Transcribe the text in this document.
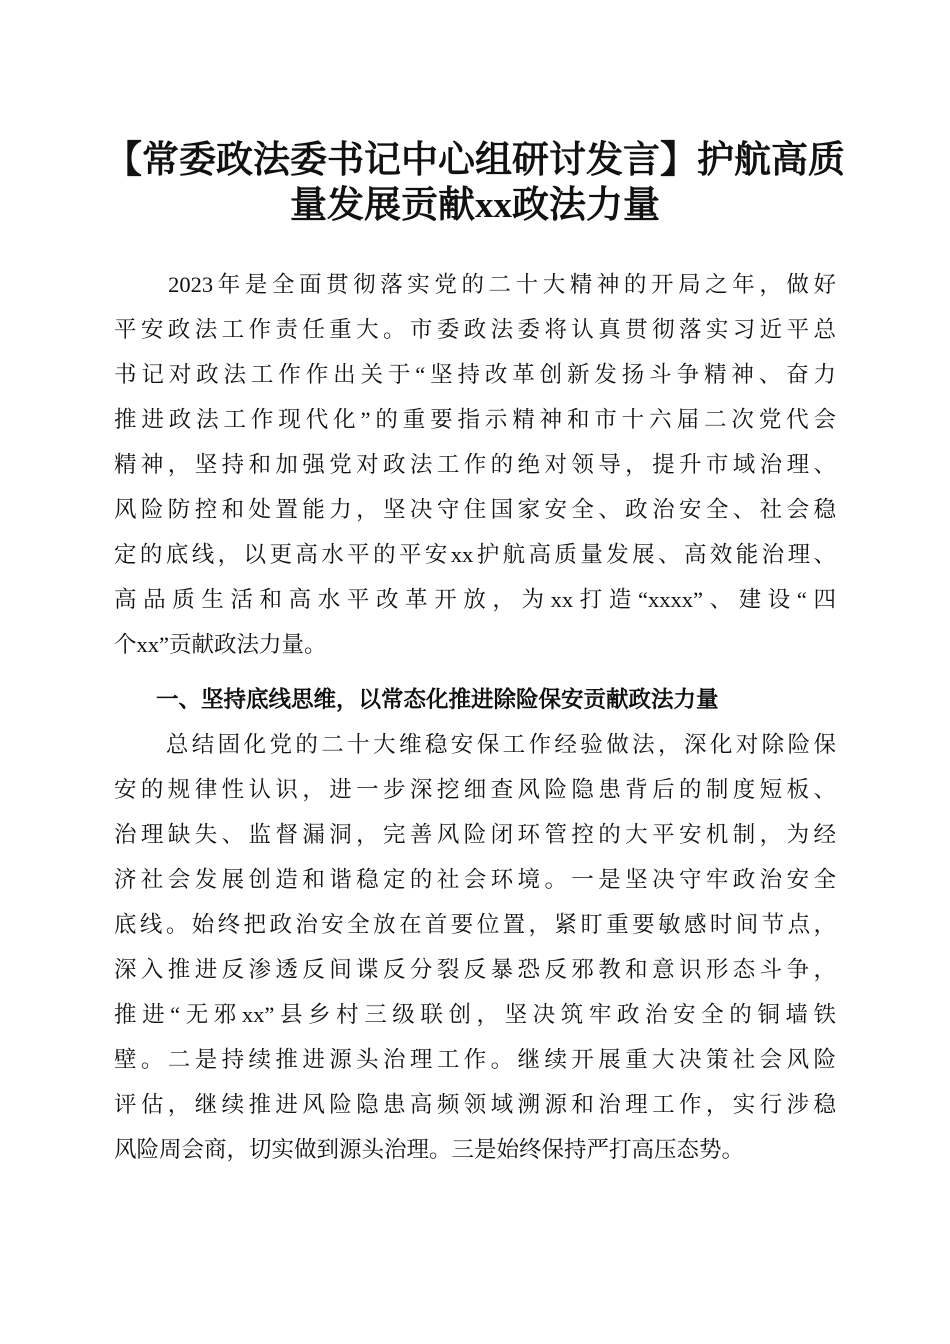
【常委政法委书记中心组研讨发言】护航高质
量发展贡献xx政法力量
　　2023年是全面贯彻落实党的二十大精神的开局之年，做好
平安政法工作责任重大。市委政法委将认真贯彻落实习近平总
书记对政法工作作出关于“坚持改革创新发扬斗争精神、奋力
推进政法工作现代化”的重要指示精神和市十六届二次党代会
精神，坚持和加强党对政法工作的绝对领导，提升市域治理、
风险防控和处置能力，坚决守住国家安全、政治安全、社会稳
定的底线，以更高水平的平安xx护航高质量发展、高效能治理、
高品质生活和高水平改革开放，为xx打造“xxxx”、建设“四
个xx”贡献政法力量。
一、坚持底线思维，以常态化推进除险保安贡献政法力量
　　总结固化党的二十大维稳安保工作经验做法，深化对除险保
安的规律性认识，进一步深挖细查风险隐患背后的制度短板、
治理缺失、监督漏洞，完善风险闭环管控的大平安机制，为经
济社会发展创造和谐稳定的社会环境。一是坚决守牢政治安全
底线。始终把政治安全放在首要位置，紧盯重要敏感时间节点，
深入推进反渗透反间谍反分裂反暴恐反邪教和意识形态斗争，
推进“无邪xx”县乡村三级联创，坚决筑牢政治安全的铜墙铁
壁。二是持续推进源头治理工作。继续开展重大决策社会风险
评估，继续推进风险隐患高频领域溯源和治理工作，实行涉稳
风险周会商，切实做到源头治理。三是始终保持严打高压态势。
